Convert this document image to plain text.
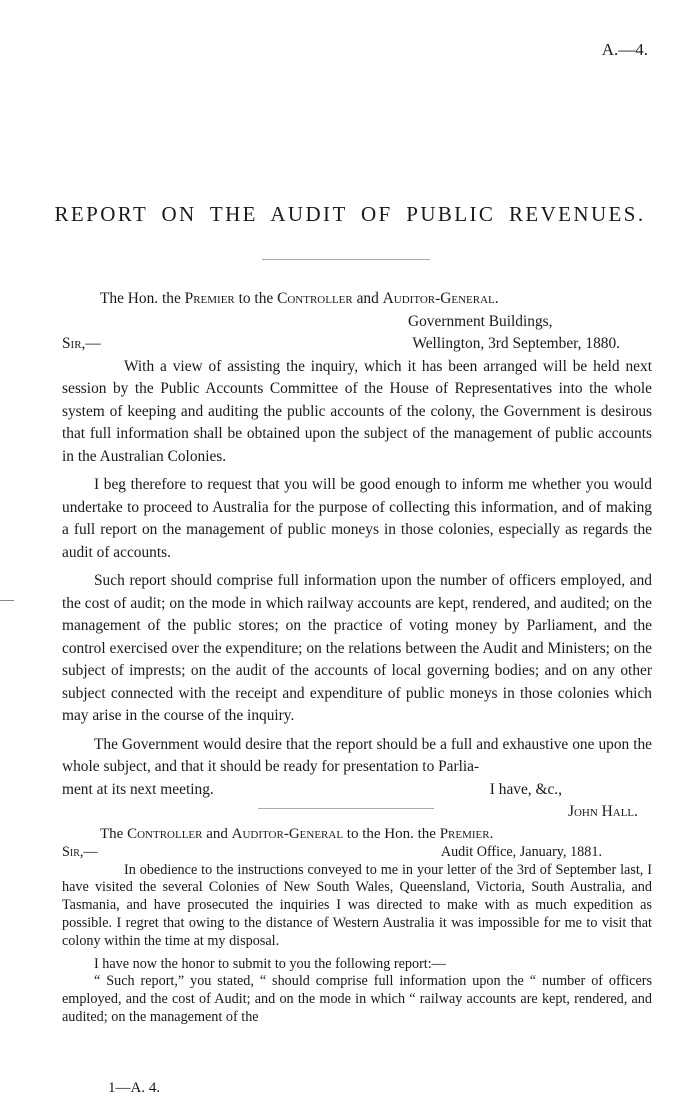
A.—4.
REPORT ON THE AUDIT OF PUBLIC REVENUES.

The Hon. the Premier to the Controller and Auditor-General.

Government Buildings,

Sir,—	Wellington, 3rd September, 1880.

With a view of assisting the inquiry, which it has been arranged will be held next session by the Public Accounts Committee of the House of Representatives into the whole system of keeping and auditing the public accounts of the colony, the Government is desirous that full information shall be obtained upon the subject of the management of public accounts in the Australian Colonies.

I beg therefore to request that you will be good enough to inform me whether you would undertake to proceed to Australia for the purpose of collecting this information, and of making a full report on the management of public moneys in those colonies, especially as regards the audit of accounts.

Such report should comprise full information upon the number of officers employed, and the cost of audit; on the mode in which railway accounts are kept, rendered, and audited; on the management of the public stores; on the practice of voting money by Parliament, and the control exercised over the expenditure; on the relations between the Audit and Ministers; on the subject of imprests; on the audit of the accounts of local governing bodies; and on any other subject connected with the receipt and expenditure of public moneys in those colonies which may arise in the course of the inquiry.

The Government would desire that the report should be a full and exhaustive one upon the whole subject, and that it should be ready for presentation to Parlia-

ment at its next meeting.	I have, &c.,

John Hall.

The Controller and Auditor-General to the Hon. the Premier.

Sir,—	Audit Office, January, 1881.

In obedience to the instructions conveyed to me in your letter of the 3rd of September last, I have visited the several Colonies of New South Wales, Queensland, Victoria, South Australia, and Tasmania, and have prosecuted the inquiries I was directed to make with as much expedition as possible. I regret that owing to the distance of Western Australia it was impossible for me to visit that colony within the time at my disposal.

I have now the honor to submit to you the following report:—

“ Such report,” you stated, “ should comprise full information upon the “ number of officers employed, and the cost of Audit; and on the mode in which “ railway accounts are kept, rendered, and audited; on the management of the

1—A. 4.
